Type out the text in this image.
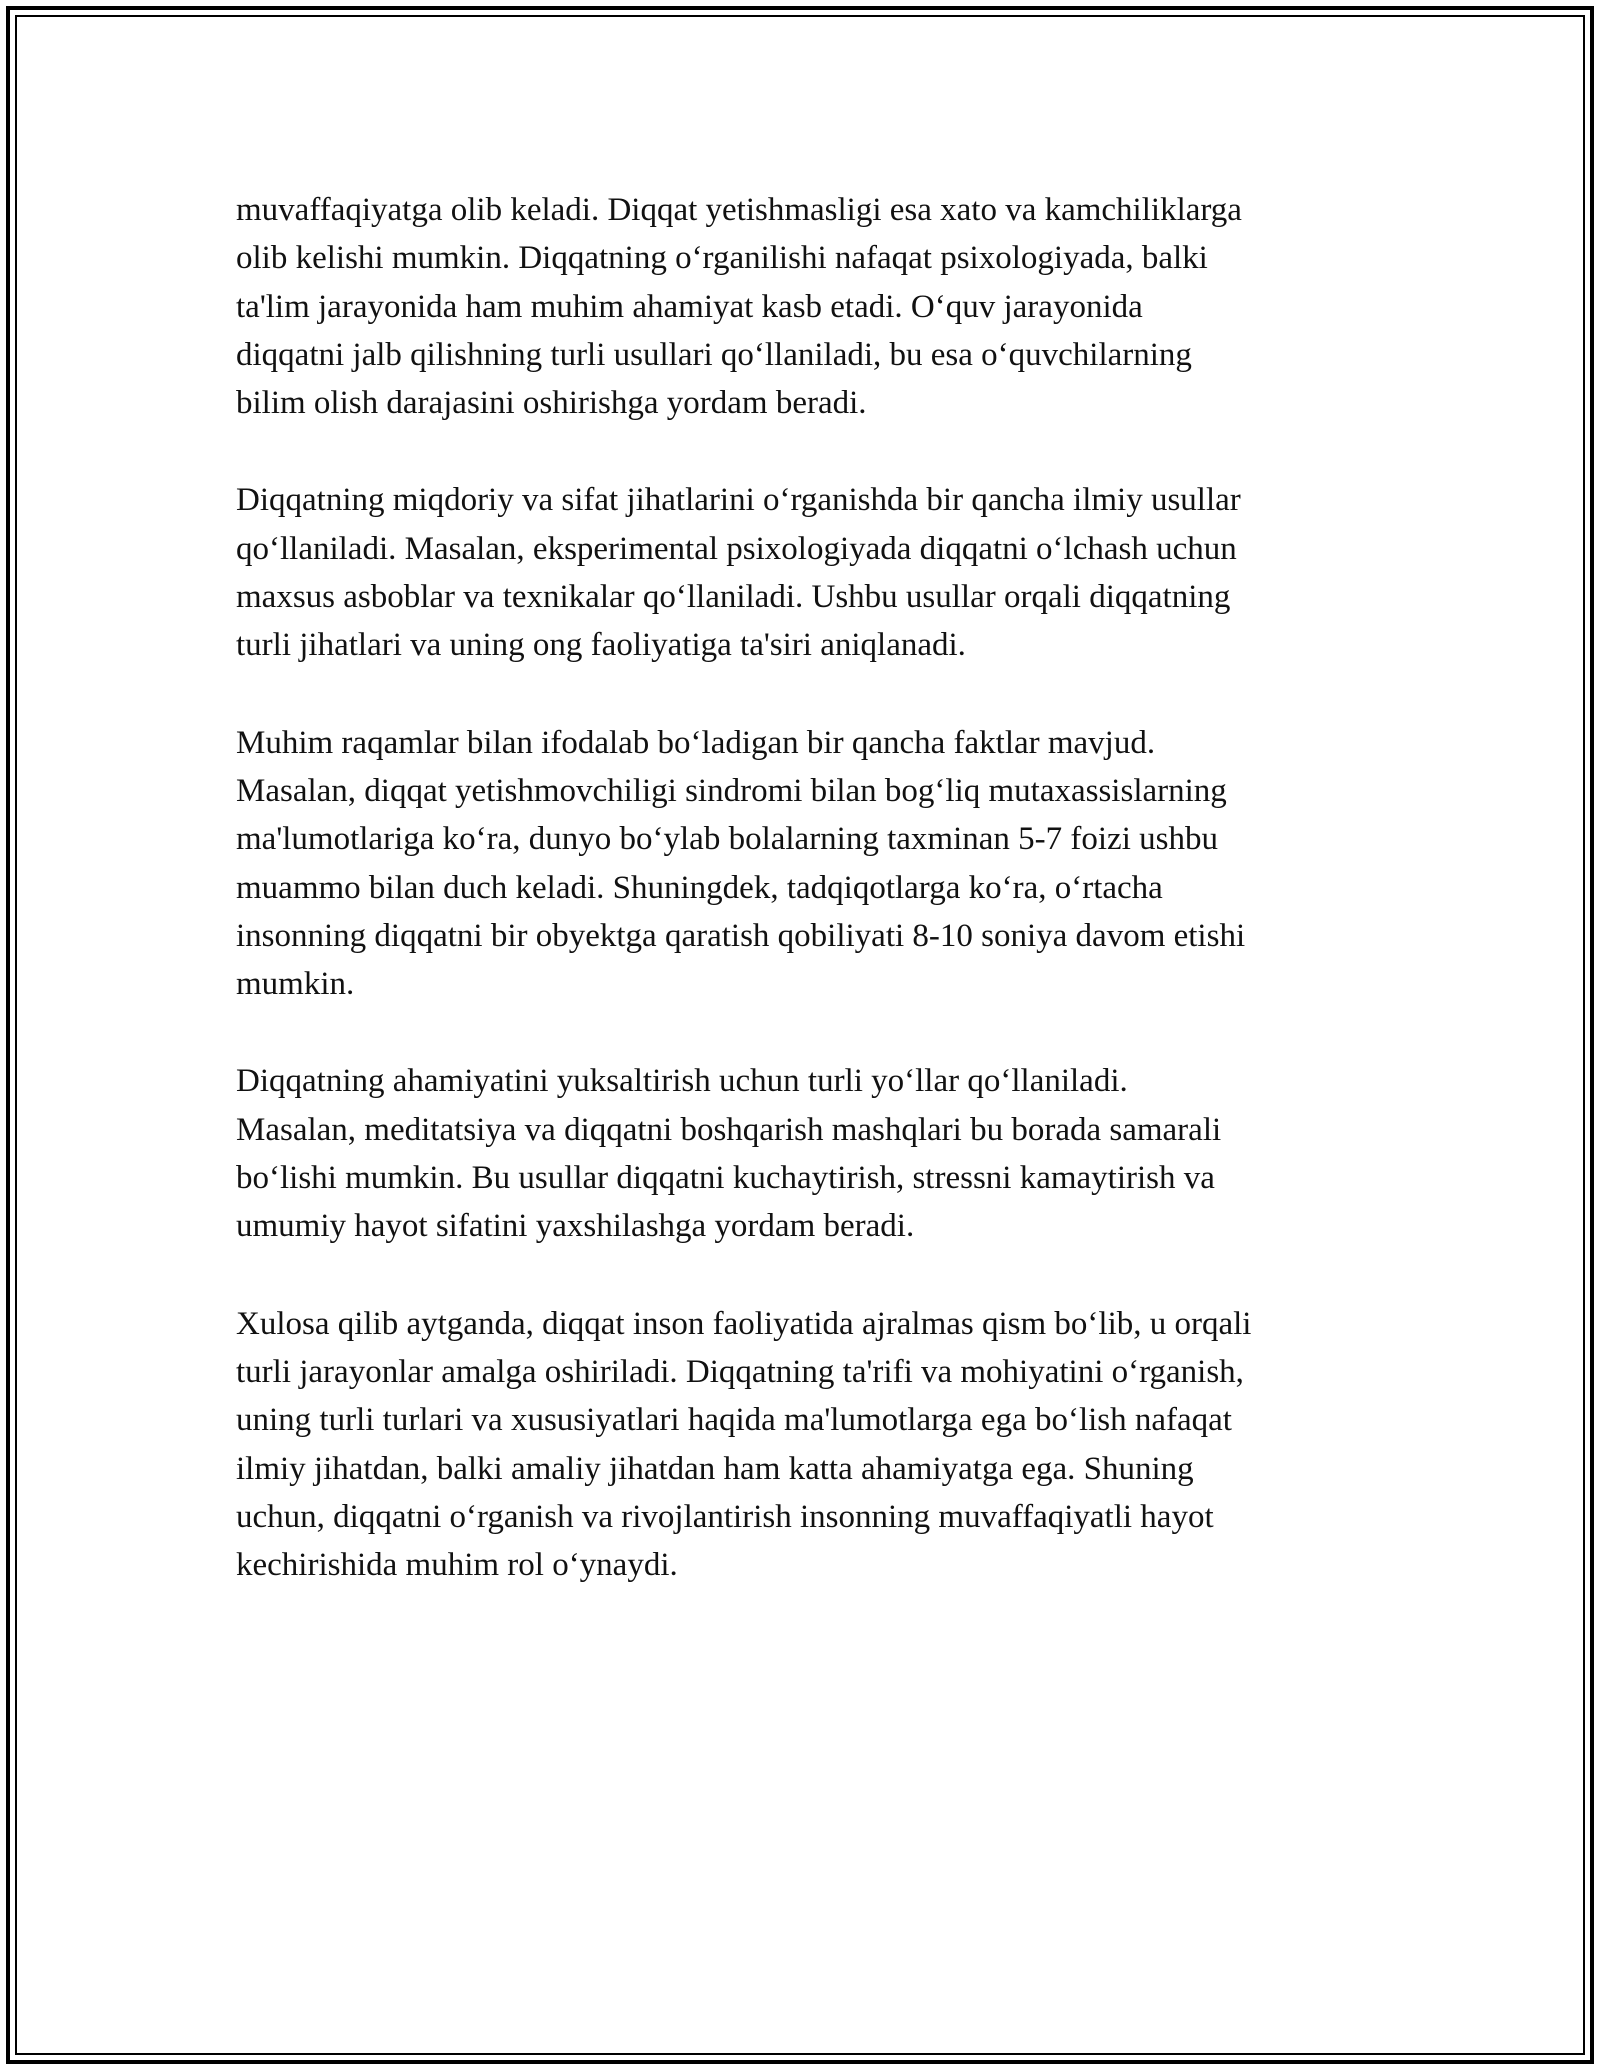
muvaffaqiyatga olib keladi. Diqqat yetishmasligi esa xato va kamchiliklarga
olib kelishi mumkin. Diqqatning o‘rganilishi nafaqat psixologiyada, balki
ta'lim jarayonida ham muhim ahamiyat kasb etadi. O‘quv jarayonida
diqqatni jalb qilishning turli usullari qo‘llaniladi, bu esa o‘quvchilarning
bilim olish darajasini oshirishga yordam beradi.

Diqqatning miqdoriy va sifat jihatlarini o‘rganishda bir qancha ilmiy usullar
qo‘llaniladi. Masalan, eksperimental psixologiyada diqqatni o‘lchash uchun
maxsus asboblar va texnikalar qo‘llaniladi. Ushbu usullar orqali diqqatning
turli jihatlari va uning ong faoliyatiga ta'siri aniqlanadi.

Muhim raqamlar bilan ifodalab bo‘ladigan bir qancha faktlar mavjud.
Masalan, diqqat yetishmovchiligi sindromi bilan bog‘liq mutaxassislarning
ma'lumotlariga ko‘ra, dunyo bo‘ylab bolalarning taxminan 5-7 foizi ushbu
muammo bilan duch keladi. Shuningdek, tadqiqotlarga ko‘ra, o‘rtacha
insonning diqqatni bir obyektga qaratish qobiliyati 8-10 soniya davom etishi
mumkin.

Diqqatning ahamiyatini yuksaltirish uchun turli yo‘llar qo‘llaniladi.
Masalan, meditatsiya va diqqatni boshqarish mashqlari bu borada samarali
bo‘lishi mumkin. Bu usullar diqqatni kuchaytirish, stressni kamaytirish va
umumiy hayot sifatini yaxshilashga yordam beradi.

Xulosa qilib aytganda, diqqat inson faoliyatida ajralmas qism bo‘lib, u orqali
turli jarayonlar amalga oshiriladi. Diqqatning ta'rifi va mohiyatini o‘rganish,
uning turli turlari va xususiyatlari haqida ma'lumotlarga ega bo‘lish nafaqat
ilmiy jihatdan, balki amaliy jihatdan ham katta ahamiyatga ega. Shuning
uchun, diqqatni o‘rganish va rivojlantirish insonning muvaffaqiyatli hayot
kechirishida muhim rol o‘ynaydi.
